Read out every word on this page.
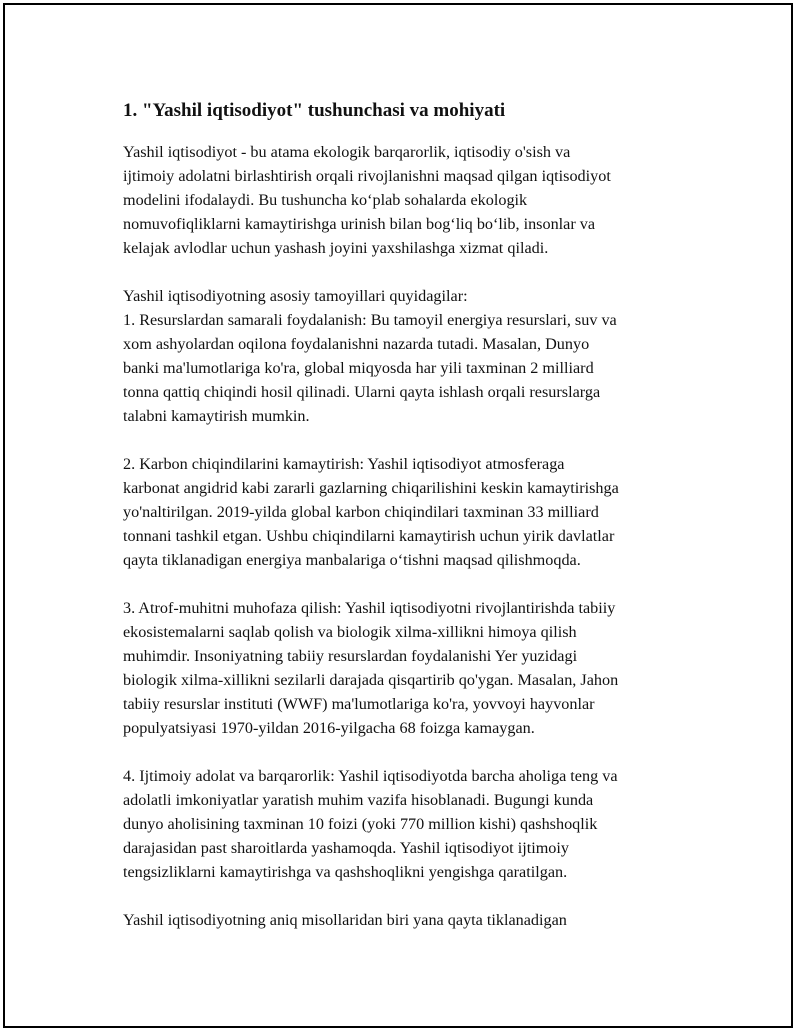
1. "Yashil iqtisodiyot" tushunchasi va mohiyati
Yashil iqtisodiyot - bu atama ekologik barqarorlik, iqtisodiy o'sish va
ijtimoiy adolatni birlashtirish orqali rivojlanishni maqsad qilgan iqtisodiyot
modelini ifodalaydi. Bu tushuncha ko‘plab sohalarda ekologik
nomuvofiqliklarni kamaytirishga urinish bilan bog‘liq bo‘lib, insonlar va
kelajak avlodlar uchun yashash joyini yaxshilashga xizmat qiladi.
Yashil iqtisodiyotning asosiy tamoyillari quyidagilar:
1. Resurslardan samarali foydalanish: Bu tamoyil energiya resurslari, suv va
xom ashyolardan oqilona foydalanishni nazarda tutadi. Masalan, Dunyo
banki ma'lumotlariga ko'ra, global miqyosda har yili taxminan 2 milliard
tonna qattiq chiqindi hosil qilinadi. Ularni qayta ishlash orqali resurslarga
talabni kamaytirish mumkin.
2. Karbon chiqindilarini kamaytirish: Yashil iqtisodiyot atmosferaga
karbonat angidrid kabi zararli gazlarning chiqarilishini keskin kamaytirishga
yo'naltirilgan. 2019-yilda global karbon chiqindilari taxminan 33 milliard
tonnani tashkil etgan. Ushbu chiqindilarni kamaytirish uchun yirik davlatlar
qayta tiklanadigan energiya manbalariga o‘tishni maqsad qilishmoqda.
3. Atrof-muhitni muhofaza qilish: Yashil iqtisodiyotni rivojlantirishda tabiiy
ekosistemalarni saqlab qolish va biologik xilma-xillikni himoya qilish
muhimdir. Insoniyatning tabiiy resurslardan foydalanishi Yer yuzidagi
biologik xilma-xillikni sezilarli darajada qisqartirib qo'ygan. Masalan, Jahon
tabiiy resurslar instituti (WWF) ma'lumotlariga ko'ra, yovvoyi hayvonlar
populyatsiyasi 1970-yildan 2016-yilgacha 68 foizga kamaygan.
4. Ijtimoiy adolat va barqarorlik: Yashil iqtisodiyotda barcha aholiga teng va
adolatli imkoniyatlar yaratish muhim vazifa hisoblanadi. Bugungi kunda
dunyo aholisining taxminan 10 foizi (yoki 770 million kishi) qashshoqlik
darajasidan past sharoitlarda yashamoqda. Yashil iqtisodiyot ijtimoiy
tengsizliklarni kamaytirishga va qashshoqlikni yengishga qaratilgan.
Yashil iqtisodiyotning aniq misollaridan biri yana qayta tiklanadigan
